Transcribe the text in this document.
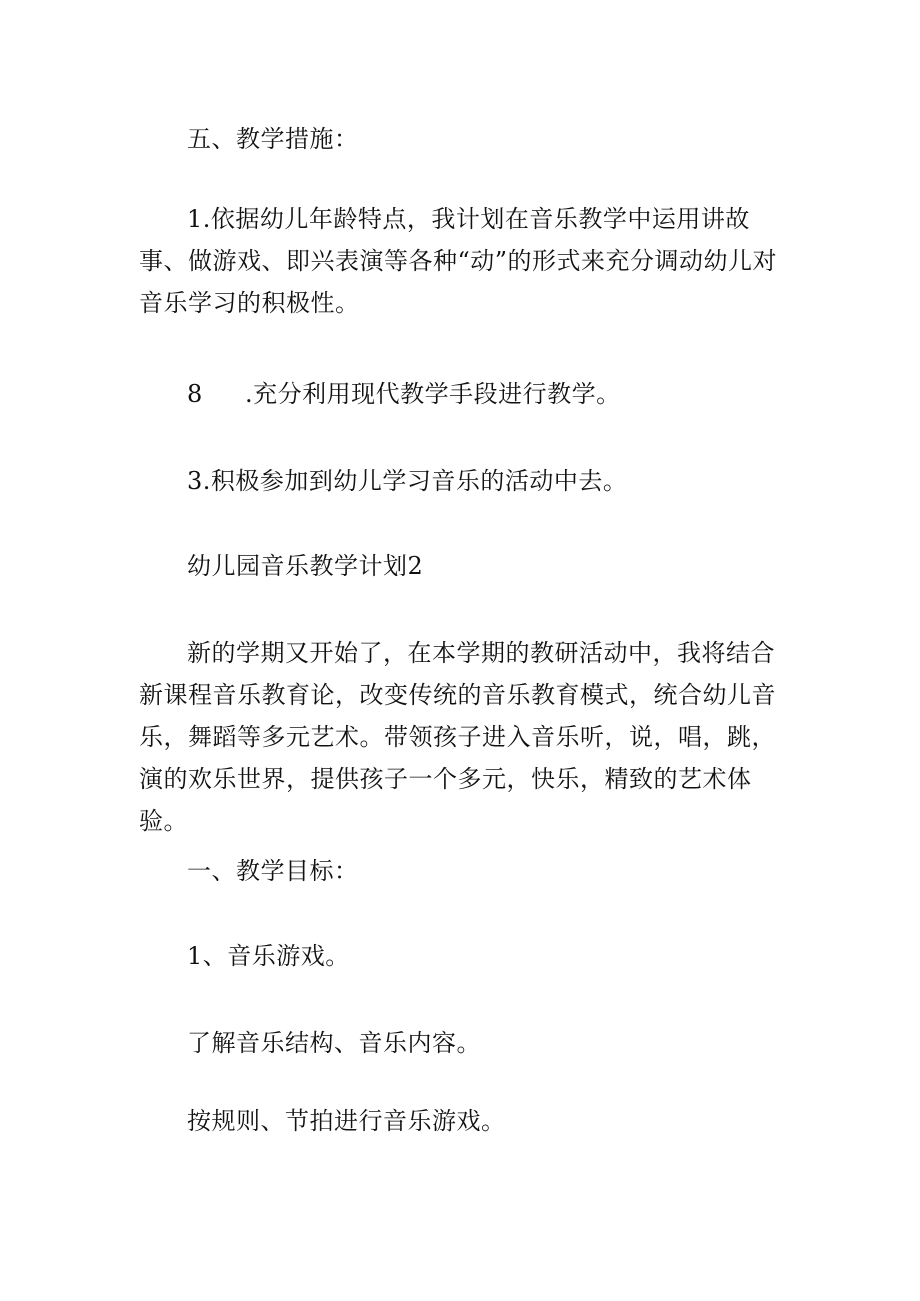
五、教学措施：
1.依据幼儿年龄特点，我计划在音乐教学中运用讲故事、做游戏、即兴表演等各种“动”的形式来充分调动幼儿对音乐学习的积极性。
8 .充分利用现代教学手段进行教学。
3.积极参加到幼儿学习音乐的活动中去。
幼儿园音乐教学计划2
新的学期又开始了，在本学期的教研活动中，我将结合新课程音乐教育论，改变传统的音乐教育模式，统合幼儿音乐，舞蹈等多元艺术。带领孩子进入音乐听，说，唱，跳，演的欢乐世界，提供孩子一个多元，快乐，精致的艺术体验。
一、教学目标：
1、音乐游戏。
了解音乐结构、音乐内容。
按规则、节拍进行音乐游戏。
